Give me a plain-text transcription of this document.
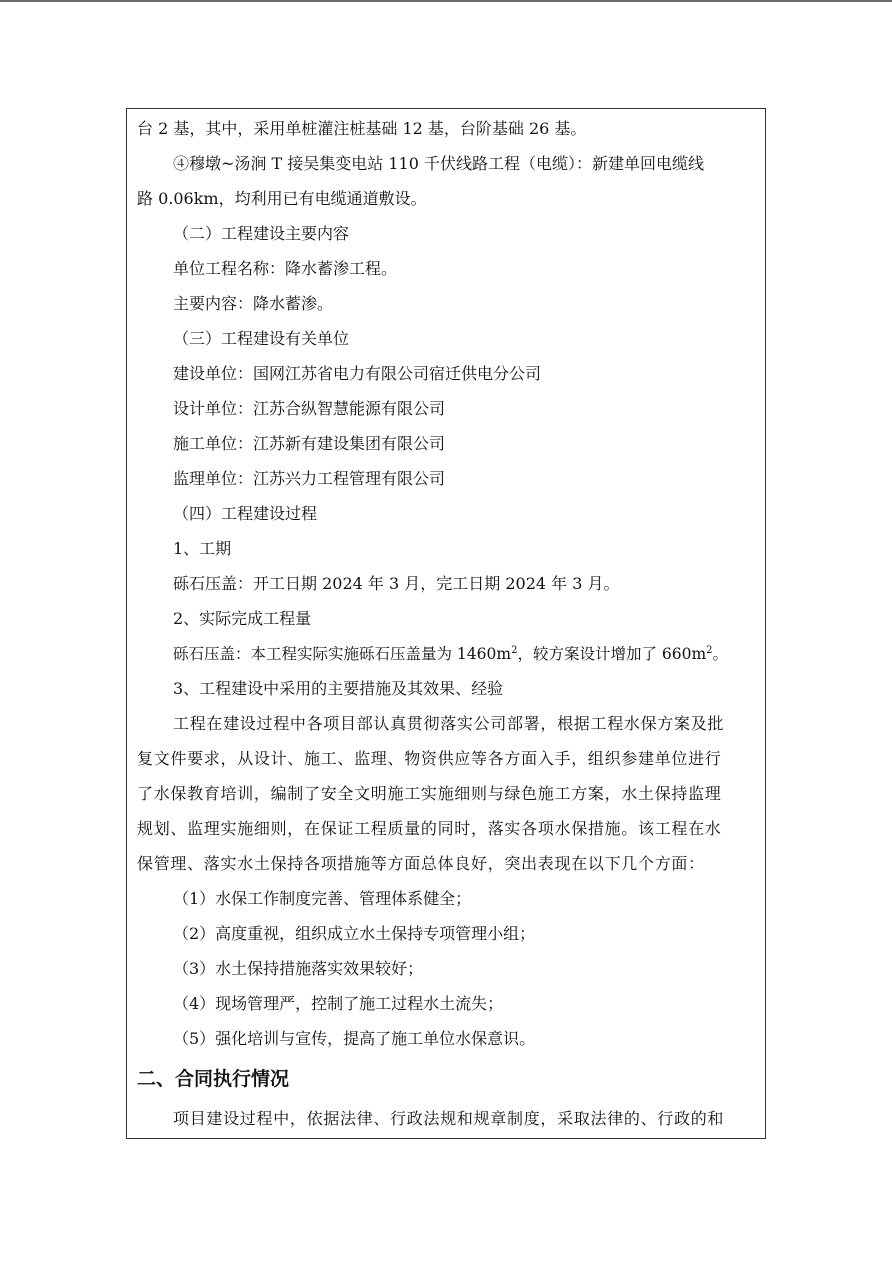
台 2 基，其中，采用单桩灌注桩基础 12 基，台阶基础 26 基。
④穆墩~汤涧 T 接吴集变电站 110 千伏线路工程（电缆）：新建单回电缆线
路 0.06km，均利用已有电缆通道敷设。
（二）工程建设主要内容
单位工程名称：降水蓄渗工程。
主要内容：降水蓄渗。
（三）工程建设有关单位
建设单位：国网江苏省电力有限公司宿迁供电分公司
设计单位：江苏合纵智慧能源有限公司
施工单位：江苏新有建设集团有限公司
监理单位：江苏兴力工程管理有限公司
（四）工程建设过程
1、工期
砾石压盖：开工日期 2024 年 3 月，完工日期 2024 年 3 月。
2、实际完成工程量
砾石压盖：本工程实际实施砾石压盖量为 $1460m^2$，较方案设计增加了 $660m^2$。
3、工程建设中采用的主要措施及其效果、经验
工程在建设过程中各项目部认真贯彻落实公司部署，根据工程水保方案及批
复文件要求，从设计、施工、监理、物资供应等各方面入手，组织参建单位进行
了水保教育培训，编制了安全文明施工实施细则与绿色施工方案，水土保持监理
规划、监理实施细则，在保证工程质量的同时，落实各项水保措施。该工程在水
保管理、落实水土保持各项措施等方面总体良好，突出表现在以下几个方面：
（1）水保工作制度完善、管理体系健全；
（2）高度重视，组织成立水土保持专项管理小组；
（3）水土保持措施落实效果较好；
（4）现场管理严，控制了施工过程水土流失；
（5）强化培训与宣传，提高了施工单位水保意识。
二、合同执行情况
项目建设过程中，依据法律、行政法规和规章制度，采取法律的、行政的和
